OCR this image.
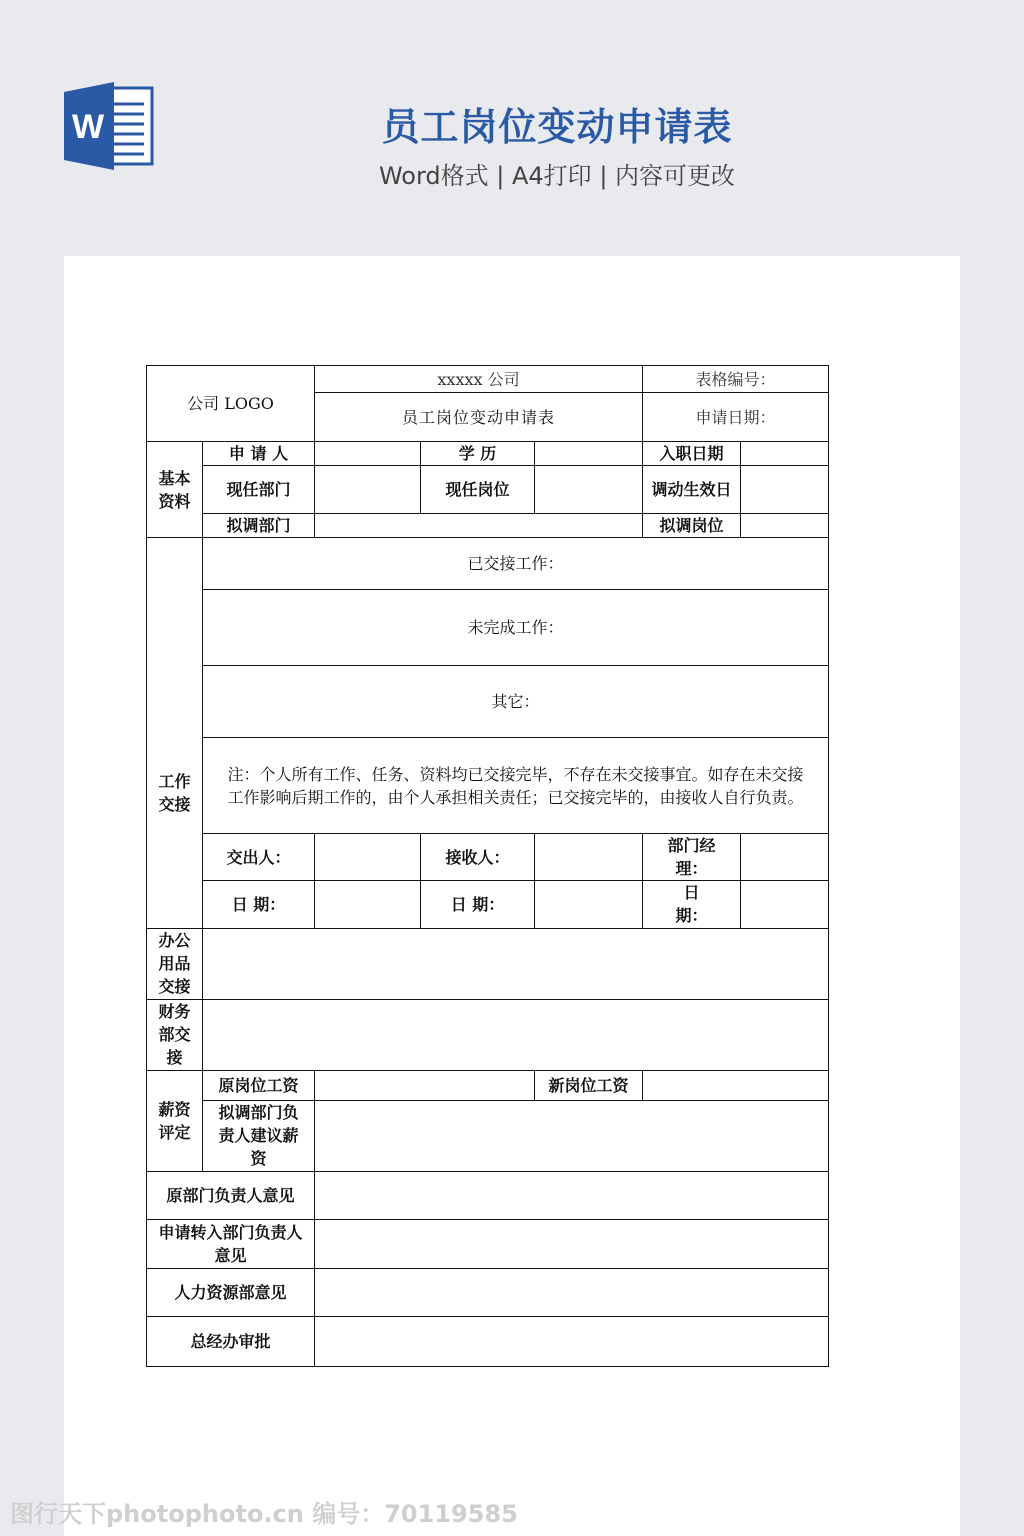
W	员工岗位变动申请表
Word格式 | A4打印 | 内容可更改
公司 LOGO		xxxxx 公司			表格编号：	
		员工岗位变动申请表			申请日期：	
基本资料	申 请 人		学 历		入职日期	
	现任部门		现任岗位		调动生效日	
	拟调部门				拟调岗位	
工作交接	已交接工作：					
	未完成工作：					
	其它：					

	注：个人所有工作、任务、资料均已交接完毕，不存在未交接事宜。如存在未交接
工作影响后期工作的，由个人承担相关责任；已交接完毕的，由接收人自行负责。					

	交出人：		接收人：		部门经理：	
	日 期：		日 期：		日期：	
办公用品交接						
财务部交接						
薪资评定	原岗位工资			新岗位工资		
	拟调部门负责人建议薪资					
原部门负责人意见						
申请转入部门负责人意见						
人力资源部意见						
总经办审批						
图行天下photophoto.cn 编号：70119585
